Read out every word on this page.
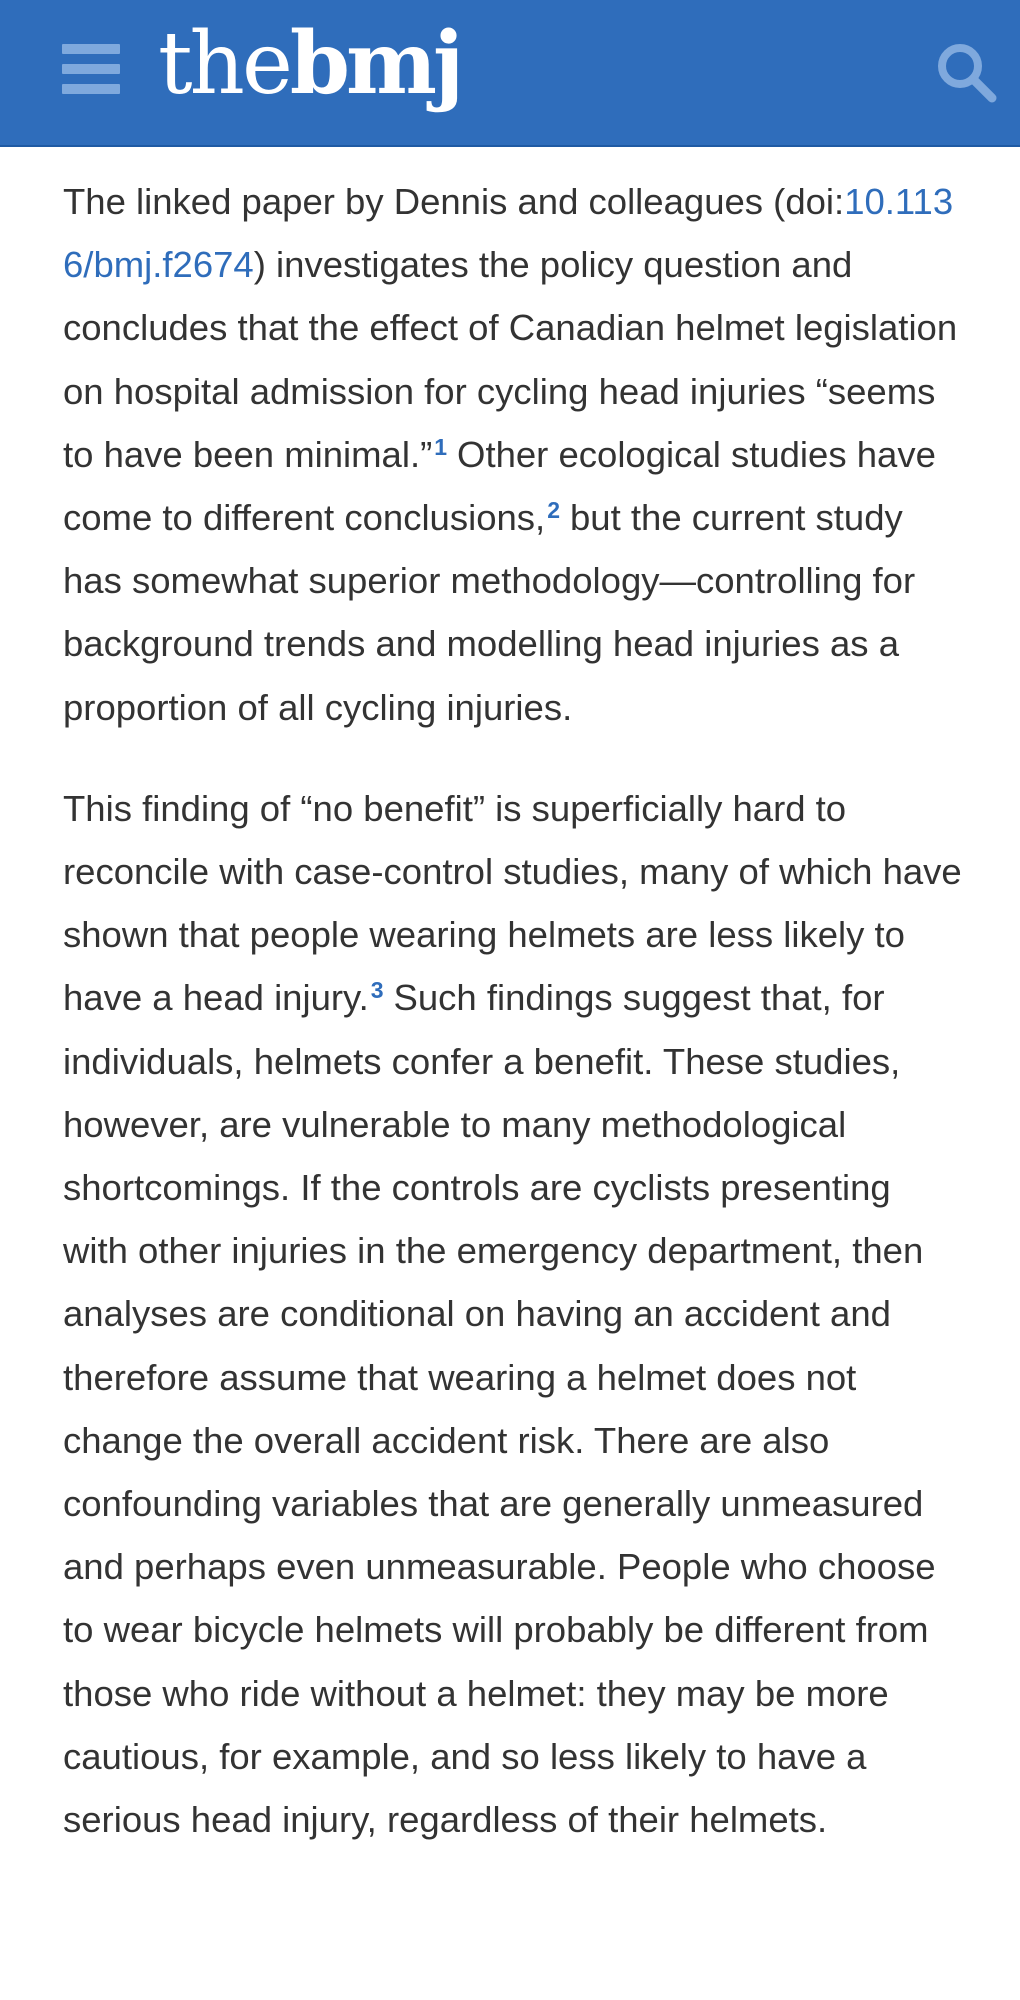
thebmj

The linked paper by Dennis and colleagues (doi:10.1136/bmj.f2674) investigates the policy question and concludes that the effect of Canadian helmet legislation on hospital admission for cycling head injuries “seems to have been minimal.”$^1$ Other ecological studies have come to different conclusions,$^2$ but the current study has somewhat superior methodology—controlling for background trends and modelling head injuries as a proportion of all cycling injuries.

This finding of “no benefit” is superficially hard to reconcile with case-control studies, many of which have shown that people wearing helmets are less likely to have a head injury.$^3$ Such findings suggest that, for individuals, helmets confer a benefit. These studies, however, are vulnerable to many methodological shortcomings. If the controls are cyclists presenting with other injuries in the emergency department, then analyses are conditional on having an accident and therefore assume that wearing a helmet does not change the overall accident risk. There are also confounding variables that are generally unmeasured and perhaps even unmeasurable. People who choose to wear bicycle helmets will probably be different from those who ride without a helmet: they may be more cautious, for example, and so less likely to have a serious head injury, regardless of their helmets.
